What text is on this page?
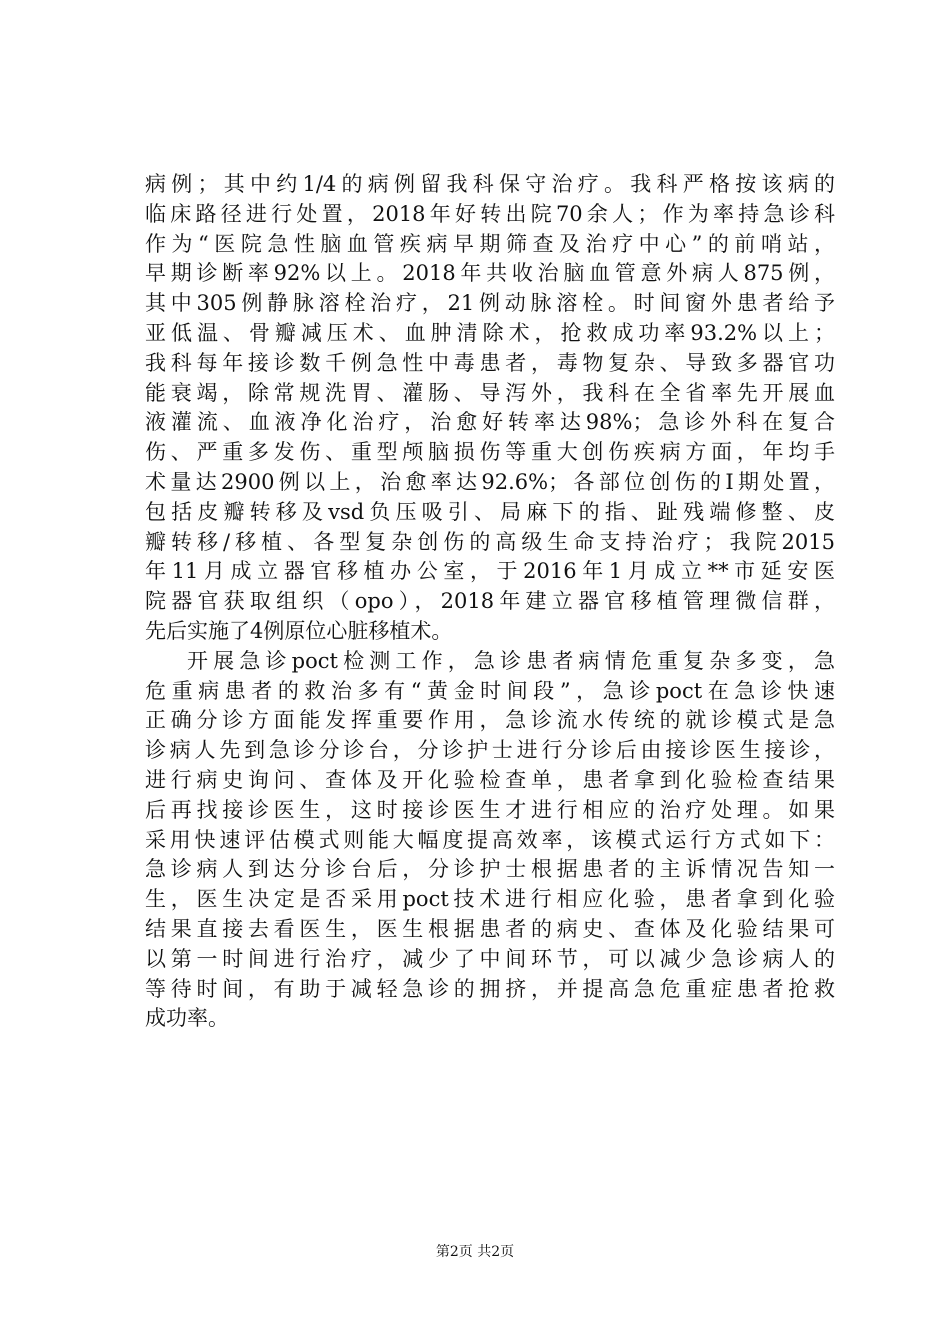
病例；其中约1/4的病例留我科保守治疗。我科严格按该病的
临床路径进行处置，2018年好转出院70余人；作为率持急诊科
作为“医院急性脑血管疾病早期筛查及治疗中心”的前哨站，
早期诊断率92%以上。2018年共收治脑血管意外病人875例，
其中305例静脉溶栓治疗，21例动脉溶栓。时间窗外患者给予
亚低温、骨瓣减压术、血肿清除术，抢救成功率93.2%以上；
我科每年接诊数千例急性中毒患者，毒物复杂、导致多器官功
能衰竭，除常规洗胃、灌肠、导泻外，我科在全省率先开展血
液灌流、血液净化治疗，治愈好转率达98%；急诊外科在复合
伤、严重多发伤、重型颅脑损伤等重大创伤疾病方面，年均手
术量达2900例以上，治愈率达92.6%；各部位创伤的Ⅰ期处置，
包括皮瓣转移及vsd负压吸引、局麻下的指、趾残端修整、皮
瓣转移/移植、各型复杂创伤的高级生命支持治疗；我院2015
年11月成立器官移植办公室，于2016年1月成立**市延安医
院器官获取组织（opo），2018年建立器官移植管理微信群，
先后实施了4例原位心脏移植术。
开展急诊poct检测工作，急诊患者病情危重复杂多变，急
危重病患者的救治多有“黄金时间段”，急诊poct在急诊快速
正确分诊方面能发挥重要作用，急诊流水传统的就诊模式是急
诊病人先到急诊分诊台，分诊护士进行分诊后由接诊医生接诊，
进行病史询问、查体及开化验检查单，患者拿到化验检查结果
后再找接诊医生，这时接诊医生才进行相应的治疗处理。如果
采用快速评估模式则能大幅度提高效率，该模式运行方式如下：
急诊病人到达分诊台后，分诊护士根据患者的主诉情况告知一
生，医生决定是否采用poct技术进行相应化验，患者拿到化验
结果直接去看医生，医生根据患者的病史、查体及化验结果可
以第一时间进行治疗，减少了中间环节，可以减少急诊病人的
等待时间，有助于减轻急诊的拥挤，并提高急危重症患者抢救
成功率。
第2页 共2页
